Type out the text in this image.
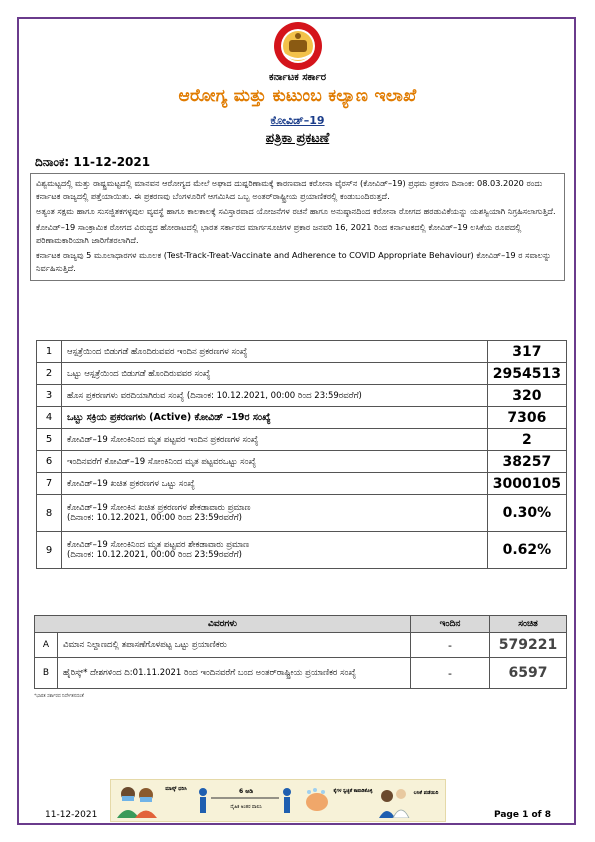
ಕರ್ನಾಟಕ ಸರ್ಕಾರ
ಆರೋಗ್ಯ ಮತ್ತು ಕುಟುಂಬ ಕಲ್ಯಾಣ ಇಲಾಖೆ
ಕೋವಿಡ್–19
ಪತ್ರಿಕಾ ಪ್ರಕಟಣೆ
ದಿನಾಂಕ: 11-12-2021

ವಿಶ್ವಮಟ್ಟದಲ್ಲಿ ಮತ್ತು ರಾಷ್ಟ್ರಮಟ್ಟದಲ್ಲಿ ಮಾನವನ ಆರೋಗ್ಯದ ಮೇಲೆ ಅಘಾದ ದುಷ್ಪರಿಣಾಮಕ್ಕೆ ಕಾರಣವಾದ ಕರೋನಾ ವೈರಸ್‌ನ (ಕೋವಿಡ್–19) ಪ್ರಥಮ ಪ್ರಕರಣ ದಿನಾಂಕ: 08.03.2020 ರಂದು ಕರ್ನಾಟಕ ರಾಜ್ಯದಲ್ಲಿ ಪತ್ತೆಯಾಯಿತು. ಈ ಪ್ರಕರಣವು ಬೆಂಗಳೂರಿಗೆ ಆಗಮಿಸಿದ ಒಬ್ಬ ಅಂತರ್‌ರಾಷ್ಟ್ರೀಯ ಪ್ರಯಾಣಿಕರಲ್ಲಿ ಕಂಡುಬಂದಿರುತ್ತದೆ.

ಅತ್ಯಂತ ಸಕ್ಷಮ ಹಾಗೂ ಸುಸಜ್ಜಿತಕಗಳ್ಳವುಲ ವ್ಯವಸ್ಥೆ ಹಾಗೂ ಕಾಲಕಾಲಕ್ಕೆ ಸವಿಸ್ತಾರವಾದ ಯೋಜನೆಗಳ ರಚನೆ ಹಾಗೂ ಅನುಷ್ಠಾನದಿಂದ ಕರೋನಾ ರೋಗದ ಹರಡುವಿಕೆಯನ್ನು ಯಶಸ್ವಿಯಾಗಿ ನಿಗ್ರಹಿಸಲಾಗುತ್ತಿದೆ.

ಕೋವಿಡ್–19 ಸಾಂಕ್ರಾಮಿಕ ರೋಗದ ವಿರುದ್ಧದ ಹೋರಾಟದಲ್ಲಿ ಭಾರತ ಸರ್ಕಾರದ ಮಾರ್ಗಸೂಚಿಗಳ ಪ್ರಕಾರ ಜನವರಿ 16, 2021 ರಿಂದ ಕರ್ನಾಟಕದಲ್ಲಿ ಕೋವಿಡ್–19 ಲಸಿಕೆಯ ರೂಪದಲ್ಲಿ ಪರಿಣಾಮಕಾರಿಯಾಗಿ ಜಾರಿಗೆತರಲಾಗಿದೆ.

ಕರ್ನಾಟಕ ರಾಜ್ಯವು 5 ಮೂಲಾಧಾರಗಳ ಮೂಲಕ (Test-Track-Treat-Vaccinate and Adherence to COVID Appropriate Behaviour) ಕೋವಿಡ್–19 ರ ಸವಾಲನ್ನು ನಿರ್ವಹಿಸುತ್ತಿದೆ.

1	ಆಸ್ಪತ್ರೆಯಿಂದ ಬಿಡುಗಡೆ ಹೊಂದಿರುವವರ ಇಂದಿನ ಪ್ರಕರಣಗಳ ಸಂಖ್ಯೆ	317
2	ಒಟ್ಟು ಆಸ್ಪತ್ರೆಯಿಂದ ಬಿಡುಗಡೆ ಹೊಂದಿರುವವರ ಸಂಖ್ಯೆ	2954513
3	ಹೊಸ ಪ್ರಕರಣಗಳು ವರದಿಯಾಗಿರುವ ಸಂಖ್ಯೆ (ದಿನಾಂಕ: 10.12.2021, 00:00 ರಿಂದ 23:59ರವರೆಗೆ)	320
4	ಒಟ್ಟು ಸಕ್ರಿಯ ಪ್ರಕರಣಗಳು (Active) ಕೋವಿಡ್ –19ರ ಸಂಖ್ಯೆ	7306
5	ಕೋವಿಡ್–19 ಸೋಂಕಿನಿಂದ ಮೃತ ಪಟ್ಟವರ ಇಂದಿನ ಪ್ರಕರಣಗಳ ಸಂಖ್ಯೆ	2
6	ಇಂದಿನವರೆಗೆ ಕೋವಿಡ್–19 ಸೋಂಕಿನಿಂದ ಮೃತ ಪಟ್ಟವರಒಟ್ಟು ಸಂಖ್ಯೆ	38257
7	ಕೋವಿಡ್–19 ಖಚಿತ ಪ್ರಕರಣಗಳ ಒಟ್ಟು ಸಂಖ್ಯೆ	3000105
8	ಕೋವಿಡ್–19 ಸೋಂಕಿನ ಖಚಿತ ಪ್ರಕರಣಗಳ ಶೇಕಡಾವಾರು ಪ್ರಮಾಣ
(ದಿನಾಂಕ: 10.12.2021, 00:00 ರಿಂದ 23:59ರವರೆಗೆ)	0.30%
9	ಕೋವಿಡ್–19 ಸೋಂಕಿನಿಂದ ಮೃತ ಪಟ್ಟವರ ಶೇಕಡಾವಾರು ಪ್ರಮಾಣ
(ದಿನಾಂಕ: 10.12.2021, 00:00 ರಿಂದ 23:59ರವರೆಗೆ)	0.62%
ವಿವರಗಳು		ಇಂದಿನ	ಸಂಚಿತ
A	ವಿಮಾನ ನಿಲ್ದಾಣದಲ್ಲಿ ತಪಾಸಣೆಗೊಳಪಟ್ಟ ಒಟ್ಟು ಪ್ರಯಾಣಿಕರು	-	579221
B	ಹೈರಿಸ್ಕ್* ದೇಶಗಳಿಂದ ದಿ:01.11.2021 ರಿಂದ ಇಂದಿನವರೆಗೆ ಬಂದ ಅಂತರ್‌ರಾಷ್ಟ್ರೀಯ ಪ್ರಯಾಣಿಕರ ಸಂಖ್ಯೆ	-	6597
*ಭಾರತ ಸರ್ಕಾರದ ನಿರ್ದೇಶನದಂತೆ
ಮಾಸ್ಕ್ ಧರಿಸಿ	6 ಅಡಿ
ದೈಹಿಕ ಅಂತರ ಪಾಲಿಸಿ
ಕೈಗಳ ಸ್ವಚ್ಛತೆ ಕಾಪಾಡಿಕೊಳ್ಳಿ	ಲಸಿಕೆ ಪಡೆಯಿರಿ
11-12-2021	Page 1 of 8
